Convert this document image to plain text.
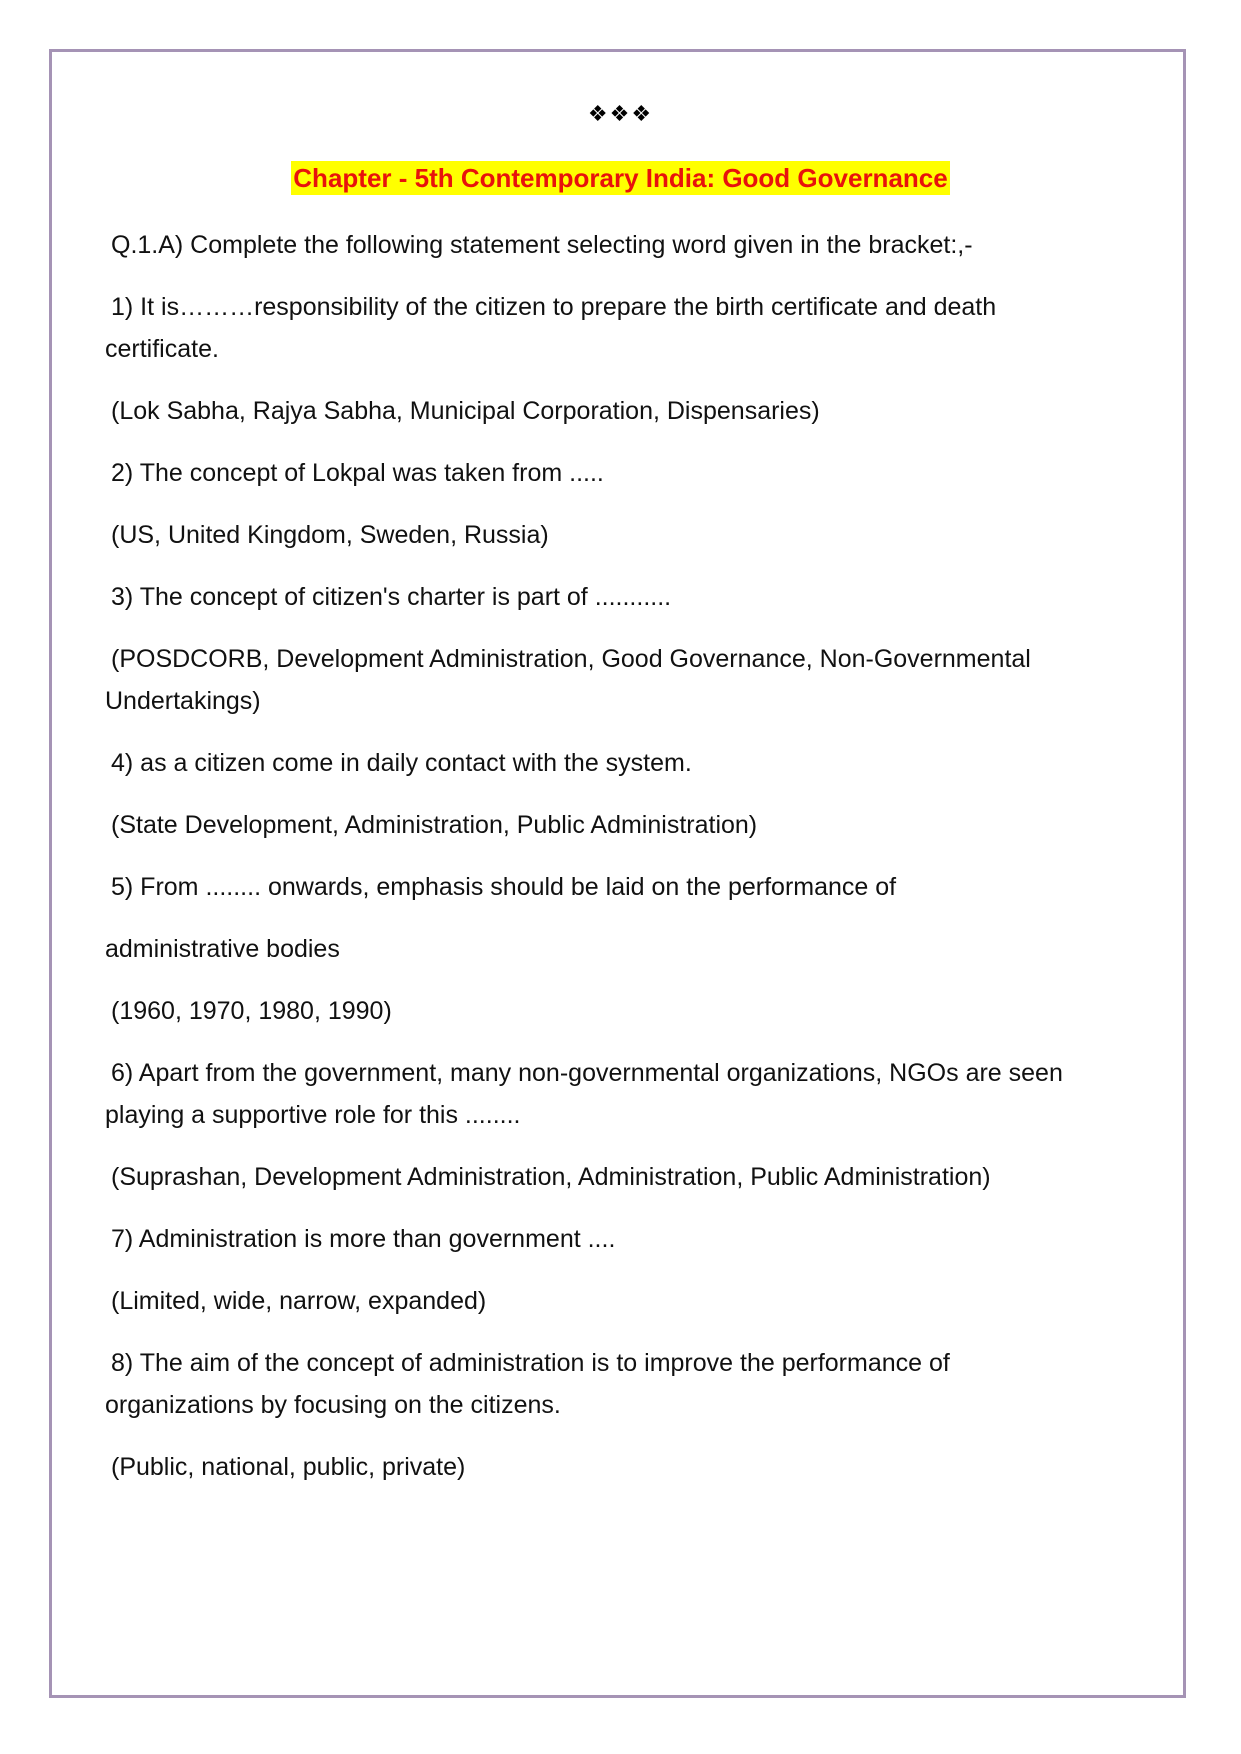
❖❖❖
Chapter - 5th Contemporary India: Good Governance

Q.1.A) Complete the following statement selecting word given in the bracket:,-

1) It is………responsibility of the citizen to prepare the birth certificate and death
certificate.

(Lok Sabha, Rajya Sabha, Municipal Corporation, Dispensaries)

2) The concept of Lokpal was taken from .....

(US, United Kingdom, Sweden, Russia)

3) The concept of citizen's charter is part of ...........

(POSDCORB, Development Administration, Good Governance, Non-Governmental
Undertakings)

4) as a citizen come in daily contact with the system.

(State Development, Administration, Public Administration)

5) From ........ onwards, emphasis should be laid on the performance of

administrative bodies

(1960, 1970, 1980, 1990)

6) Apart from the government, many non-governmental organizations, NGOs are seen
playing a supportive role for this ........

(Suprashan, Development Administration, Administration, Public Administration)

7) Administration is more than government ....

(Limited, wide, narrow, expanded)

8) The aim of the concept of administration is to improve the performance of
organizations by focusing on the citizens.

(Public, national, public, private)
